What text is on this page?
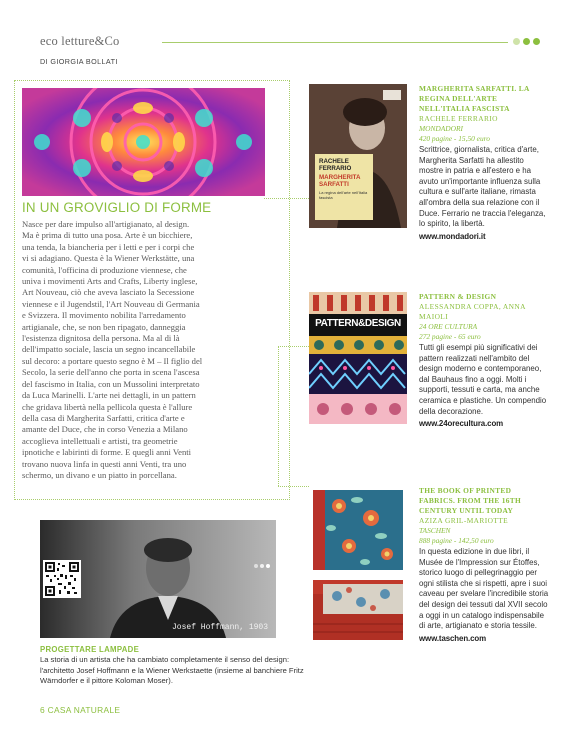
eco letture&Co
DI GIORGIA BOLLATI
IN UN GROVIGLIO DI FORME

Nasce per dare impulso all'artigianato, al design.

Ma è prima di tutto una posa. Arte è un bicchiere,

una tenda, la biancheria per i letti e per i corpi che

vi si adagiano. Questa è la Wiener Werkstätte, una

comunità, l'officina di produzione viennese, che

univa i movimenti Arts and Crafts, Liberty inglese,

Art Nouveau, ciò che aveva lasciato la Secessione

viennese e il Jugendstil, l'Art Nouveau di Germania

e Svizzera. Il movimento nobilita l'arredamento

artigianale, che, se non ben ripagato, danneggia

l'esistenza dignitosa della persona. Ma al di là

dell'impatto sociale, lascia un segno incancellabile

sul decoro: a portare questo segno è M – Il figlio del

Secolo, la serie dell'anno che porta in scena l'ascesa

del fascismo in Italia, con un Mussolini interpretato

da Luca Marinelli. L'arte nei dettagli, in un pattern

che gridava libertà nella pellicola questa è l'allure

della casa di Margherita Sarfatti, critica d'arte e

amante del Duce, che in corso Venezia a Milano

accoglieva intellettuali e artisti, tra geometrie

ipnotiche e labirinti di forme. E quegli anni Venti

trovano nuova linfa in questi anni Venti, tra uno

schermo, un divano e un piatto in porcellana.

Josef Hoffmann, 1903
PROGETTARE LAMPADE
La storia di un artista che ha cambiato completamente il senso del design: l'architetto Josef Hoffmann e la Wiener Werkstaette (insieme al banchiere Fritz Wärndorfer e il pittore Koloman Moser).
RACHELE FERRARIO
MARGHERITA SARFATTI
La regina dell'arte nell'Italia fascista
MARGHERITA SARFATTI. LA REGINA DELL'ARTE NELL'ITALIA FASCISTA
RACHELE FERRARIO
MONDADORI
420 pagine - 15,50 euro
Scrittrice, giornalista, critica d'arte, Margherita Sarfatti ha allestito mostre in patria e all'estero e ha avuto un'importante influenza sulla cultura e sull'arte italiane, rimasta all'ombra della sua relazione con il Duce. Ferrario ne traccia l'eleganza, lo spirito, la libertà.
www.mondadori.it
PATTERN&DESIGN
PATTERN & DESIGN
ALESSANDRA COPPA, ANNA MAIOLI
24 ORE CULTURA
272 pagine - 65 euro
Tutti gli esempi più significativi dei pattern realizzati nell'ambito del design moderno e contemporaneo, dal Bauhaus fino a oggi. Molti i supporti, tessuti e carta, ma anche ceramica e plastiche. Un compendio della decorazione.
www.24orecultura.com
THE BOOK OF PRINTED FABRICS. FROM THE 16TH CENTURY UNTIL TODAY
AZIZA GRIL-MARIOTTE
TASCHEN
888 pagine - 142,50 euro
In questa edizione in due libri, il Musée de l'Impression sur Étoffes, storico luogo di pellegrinaggio per ogni stilista che si rispetti, apre i suoi caveau per svelare l'incredibile storia del design dei tessuti dal XVII secolo a oggi in un catalogo indispensabile di arte, artigianato e storia tessile.
www.taschen.com
6 CASA NATURALE
